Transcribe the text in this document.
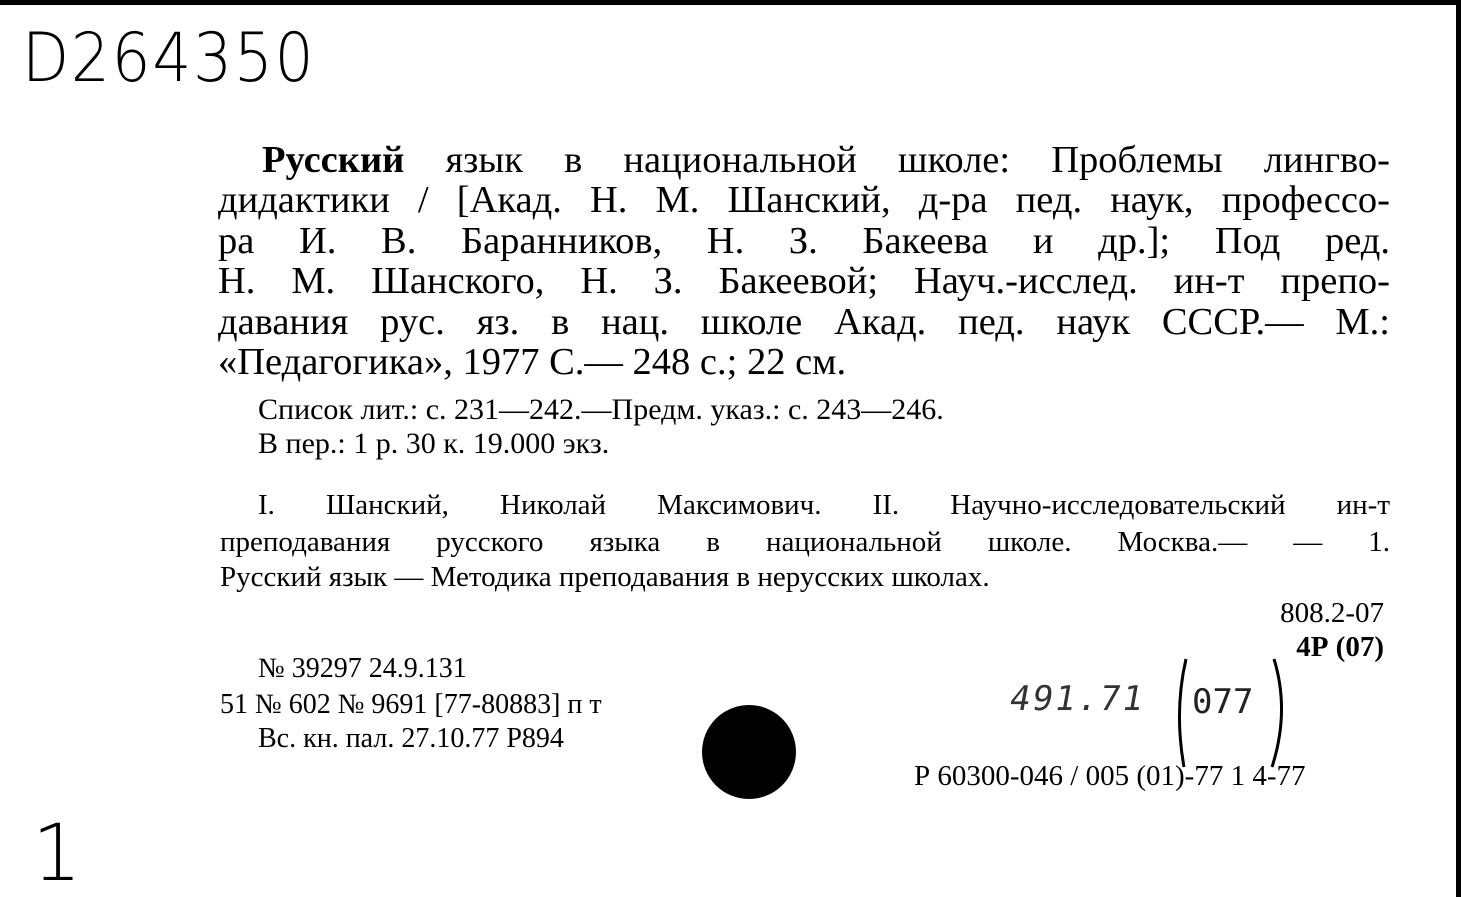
D264350
Русский язык в национальной школе: Проблемы лингво-
дидактики / [Акад. Н. М. Шанский, д-ра пед. наук, профессо-
ра И. В. Баранников, Н. З. Бакеева и др.]; Под ред.
Н. М. Шанского, Н. З. Бакеевой; Науч.-исслед. ин-т препо-
давания рус. яз. в нац. школе Акад. пед. наук СССР.— М.:
«Педагогика», 1977 С.— 248 с.; 22 см.
Список лит.: с. 231—242.—Предм. указ.: с. 243—246.
В пер.: 1 р. 30 к. 19.000 экз.
I. Шанский, Николай Максимович. II. Научно-исследовательский ин-т
преподавания русского языка в национальной школе. Москва.— — 1.
Русский язык — Методика преподавания в нерусских школах.
808.2-07
4Р (07)
№ 39297 24.9.131
51 № 602 № 9691 [77-80883] п т
Вс. кн. пал. 27.10.77 Р894
491.71 077
Р 60300-046 / 005 (01)-77 1 4-77
1
